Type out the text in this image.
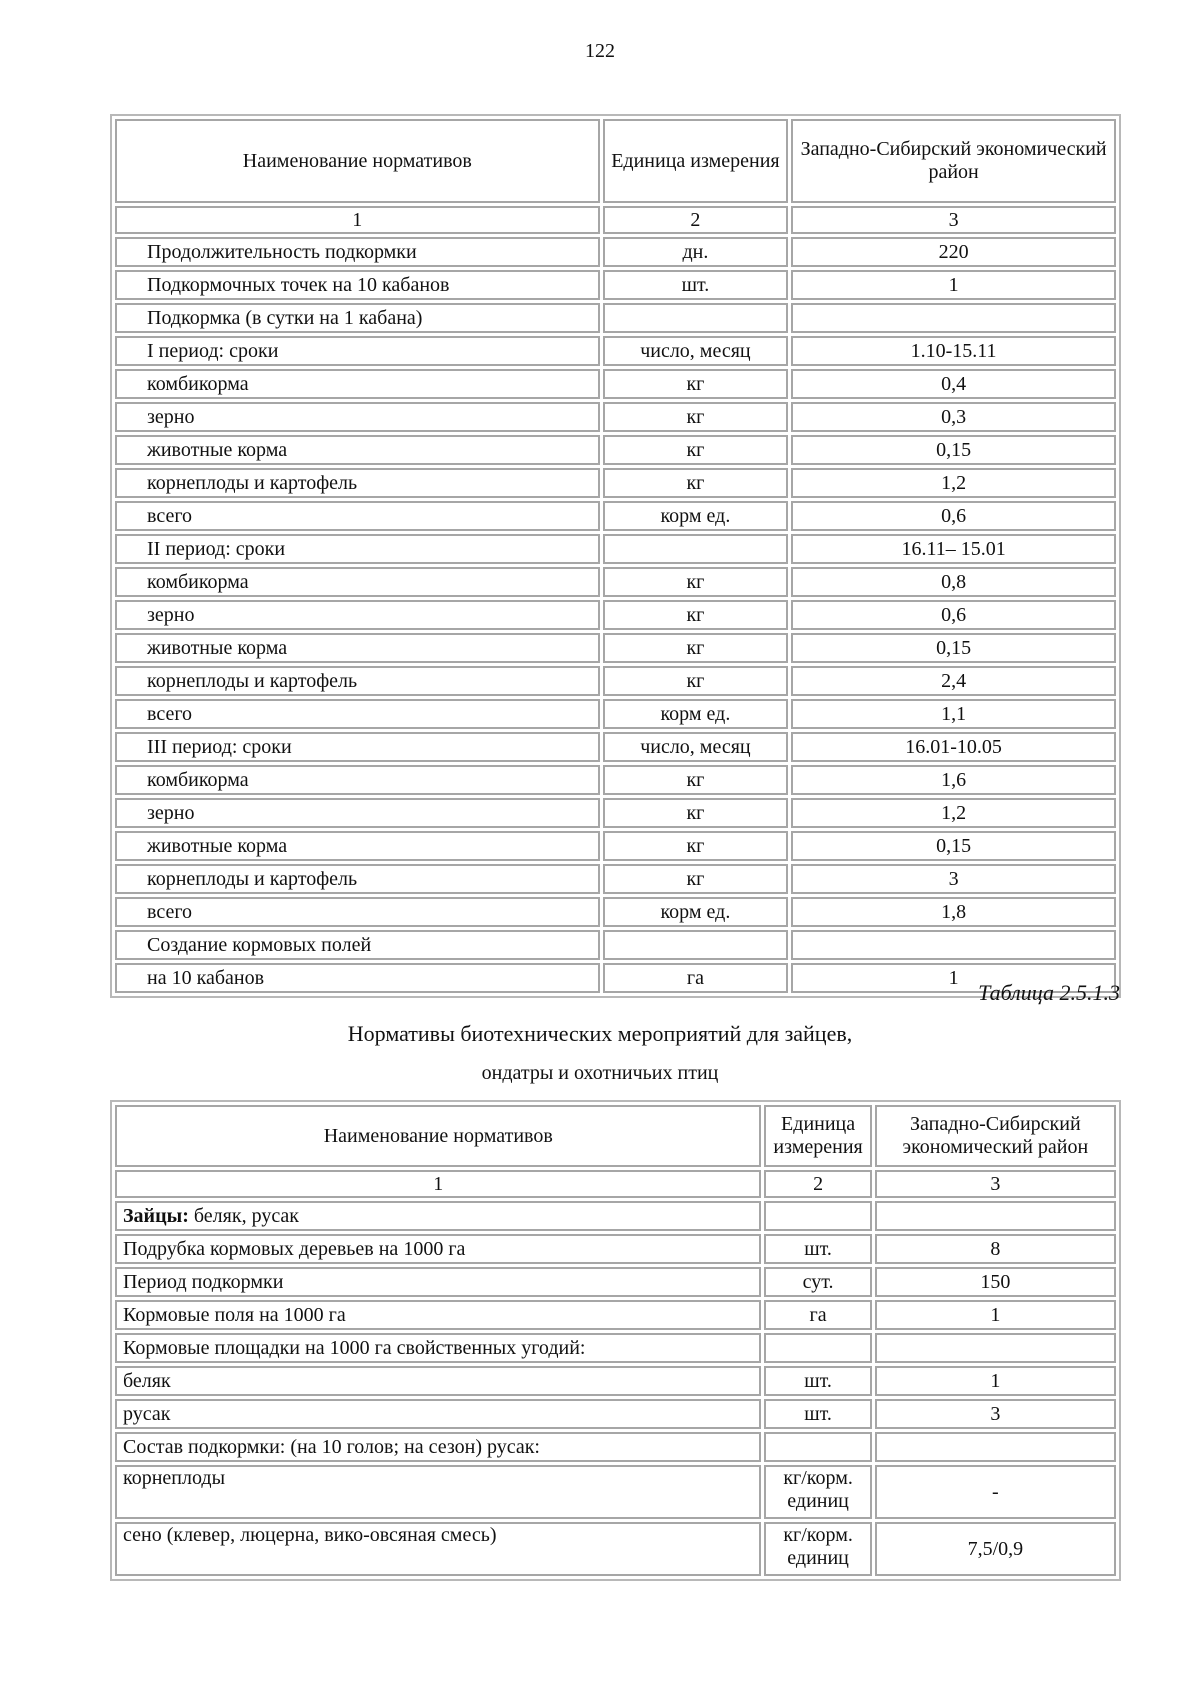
122
Наименование нормативов	Единица измерения	Западно-Сибирский экономический район
1	2	3
Продолжительность подкормки	дн.	220
Подкормочных точек на 10 кабанов	шт.	1
Подкормка (в сутки на 1 кабана)		
I период: сроки	число, месяц	1.10-15.11
комбикорма	кг	0,4
зерно	кг	0,3
животные корма	кг	0,15
корнеплоды и картофель	кг	1,2
всего	корм ед.	0,6
II период: сроки		16.11– 15.01
комбикорма	кг	0,8
зерно	кг	0,6
животные корма	кг	0,15
корнеплоды и картофель	кг	2,4
всего	корм ед.	1,1
III период: сроки	число, месяц	16.01-10.05
комбикорма	кг	1,6
зерно	кг	1,2
животные корма	кг	0,15
корнеплоды и картофель	кг	3
всего	корм ед.	1,8
Создание кормовых полей		
на 10 кабанов	га	1
Таблица 2.5.1.3
Нормативы биотехнических мероприятий для зайцев,
ондатры и охотничьих птиц
Наименование нормативов	Единица измерения	Западно-Сибирский экономический район
1	2	3
Зайцы: беляк, русак		
Подрубка кормовых деревьев на 1000 га	шт.	8
Период подкормки	сут.	150
Кормовые поля на 1000 га	га	1
Кормовые площадки на 1000 га свойственных угодий:		
беляк	шт.	1
русак	шт.	3
Состав подкормки: (на 10 голов; на сезон) русак:		
корнеплоды	кг/корм. единиц	-
сено (клевер, люцерна, вико-овсяная смесь)	кг/корм. единиц	7,5/0,9
